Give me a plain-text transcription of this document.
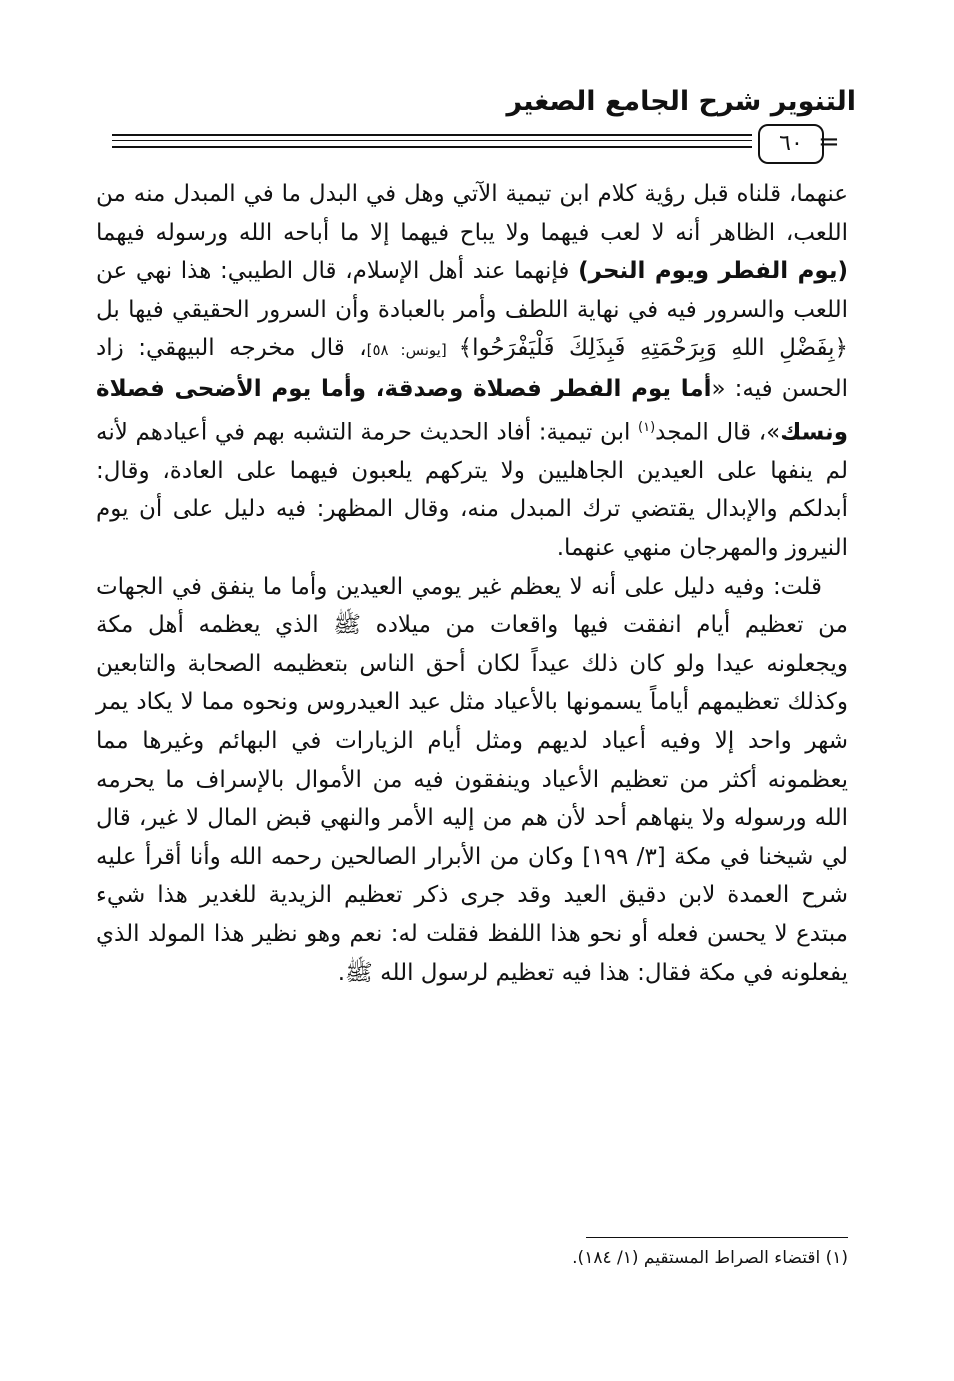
التنوير شرح الجامع الصغير
٦٠ =

عنهما، قلناه قبل رؤية كلام ابن تيمية الآتي وهل في البدل ما في المبدل منه من اللعب، الظاهر أنه لا لعب فيهما ولا يباح فيهما إلا ما أباحه الله ورسوله فيهما (يوم الفطر ويوم النحر) فإنهما عند أهل الإسلام، قال الطيبي: هذا نهي عن اللعب والسرور فيه في نهاية اللطف وأمر بالعبادة وأن السرور الحقيقي فيها بل ﴿بِفَضْلِ اللهِ وَبِرَحْمَتِهِ فَبِذَلِكَ فَلْيَفْرَحُوا﴾ [يونس: ٥٨]، قال مخرجه البيهقي: زاد الحسن فيه: «أما يوم الفطر فصلاة وصدقة، وأما يوم الأضحى فصلاة ونسك»، قال المجد$^{(١)}$ ابن تيمية: أفاد الحديث حرمة التشبه بهم في أعيادهم لأنه لم ينفها على العيدين الجاهليين ولا يتركهم يلعبون فيهما على العادة، وقال: أبدلكم والإبدال يقتضي ترك المبدل منه، وقال المظهر: فيه دليل على أن يوم النيروز والمهرجان منهي عنهما.

قلت: وفيه دليل على أنه لا يعظم غير يومي العيدين وأما ما ينفق في الجهات من تعظيم أيام انفقت فيها واقعات من ميلاده ﷺ الذي يعظمه أهل مكة ويجعلونه عيدا ولو كان ذلك عيداً لكان أحق الناس بتعظيمه الصحابة والتابعين وكذلك تعظيمهم أياماً يسمونها بالأعياد مثل عيد العيدروس ونحوه مما لا يكاد يمر شهر واحد إلا وفيه أعياد لديهم ومثل أيام الزيارات في البهائم وغيرها مما يعظمونه أكثر من تعظيم الأعياد وينفقون فيه من الأموال بالإسراف ما يحرمه الله ورسوله ولا ينهاهم أحد لأن هم من إليه الأمر والنهي قبض المال لا غير، قال لي شيخنا في مكة [٣/ ١٩٩] وكان من الأبرار الصالحين رحمه الله وأنا أقرأ عليه شرح العمدة لابن دقيق العيد وقد جرى ذكر تعظيم الزيدية للغدير هذا شيء مبتدع لا يحسن فعله أو نحو هذا اللفظ فقلت له: نعم وهو نظير هذا المولد الذي يفعلونه في مكة فقال: هذا فيه تعظيم لرسول الله ﷺ.

(١) اقتضاء الصراط المستقيم (١/ ١٨٤).
